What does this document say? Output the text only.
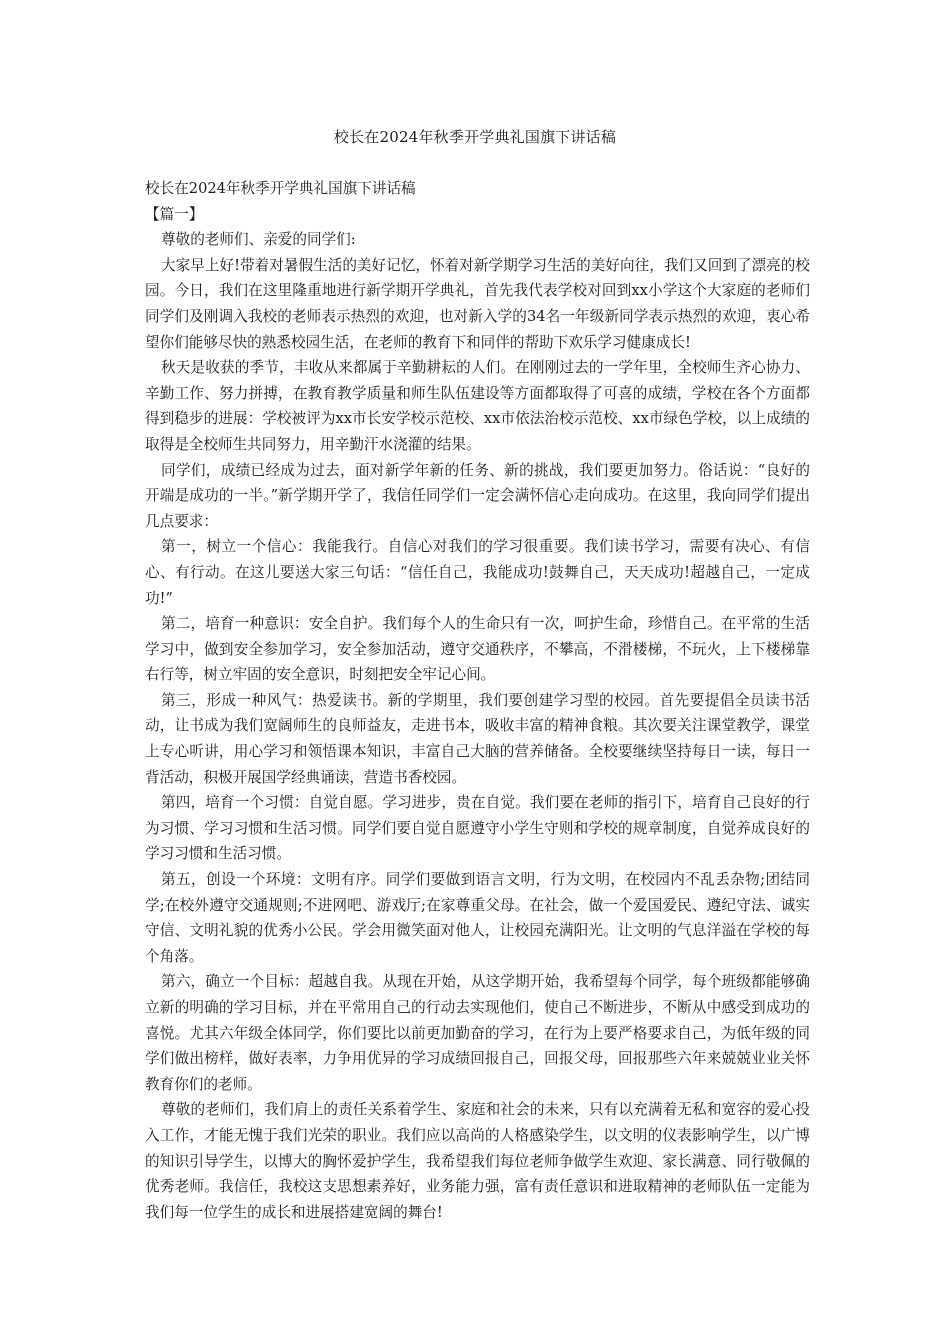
校长在2024年秋季开学典礼国旗下讲话稿

校长在2024年秋季开学典礼国旗下讲话稿

【篇一】

尊敬的老师们、亲爱的同学们:

大家早上好!带着对暑假生活的美好记忆，怀着对新学期学习生活的美好向往，我们又回到了漂亮的校园。今日，我们在这里隆重地进行新学期开学典礼，首先我代表学校对回到xx小学这个大家庭的老师们同学们及刚调入我校的老师表示热烈的欢迎，也对新入学的34名一年级新同学表示热烈的欢迎，衷心希望你们能够尽快的熟悉校园生活，在老师的教育下和同伴的帮助下欢乐学习健康成长!

秋天是收获的季节，丰收从来都属于辛勤耕耘的人们。在刚刚过去的一学年里，全校师生齐心协力、辛勤工作、努力拼搏，在教育教学质量和师生队伍建设等方面都取得了可喜的成绩，学校在各个方面都得到稳步的进展：学校被评为xx市长安学校示范校、xx市依法治校示范校、xx市绿色学校，以上成绩的取得是全校师生共同努力，用辛勤汗水浇灌的结果。

同学们，成绩已经成为过去，面对新学年新的任务、新的挑战，我们要更加努力。俗话说：“良好的开端是成功的一半。”新学期开学了，我信任同学们一定会满怀信心走向成功。在这里，我向同学们提出几点要求：

第一，树立一个信心：我能我行。自信心对我们的学习很重要。我们读书学习，需要有决心、有信心、有行动。在这儿要送大家三句话：“信任自己，我能成功!鼓舞自己，天天成功!超越自己，一定成功!”

第二，培育一种意识：安全自护。我们每个人的生命只有一次，呵护生命，珍惜自己。在平常的生活学习中，做到安全参加学习，安全参加活动，遵守交通秩序，不攀高，不滑楼梯，不玩火，上下楼梯靠右行等，树立牢固的安全意识，时刻把安全牢记心间。

第三，形成一种风气：热爱读书。新的学期里，我们要创建学习型的校园。首先要提倡全员读书活动，让书成为我们宽阔师生的良师益友，走进书本，吸收丰富的精神食粮。其次要关注课堂教学，课堂上专心听讲，用心学习和领悟课本知识，丰富自己大脑的营养储备。全校要继续坚持每日一读，每日一背活动，积极开展国学经典诵读，营造书香校园。

第四，培育一个习惯：自觉自愿。学习进步，贵在自觉。我们要在老师的指引下，培育自己良好的行为习惯、学习习惯和生活习惯。同学们要自觉自愿遵守小学生守则和学校的规章制度，自觉养成良好的学习习惯和生活习惯。

第五，创设一个环境：文明有序。同学们要做到语言文明，行为文明，在校园内不乱丢杂物;团结同学;在校外遵守交通规则;不进网吧、游戏厅;在家尊重父母。在社会，做一个爱国爱民、遵纪守法、诚实守信、文明礼貌的优秀小公民。学会用微笑面对他人，让校园充满阳光。让文明的气息洋溢在学校的每个角落。

第六，确立一个目标：超越自我。从现在开始，从这学期开始，我希望每个同学，每个班级都能够确立新的明确的学习目标，并在平常用自己的行动去实现他们，使自己不断进步，不断从中感受到成功的喜悦。尤其六年级全体同学，你们要比以前更加勤奋的学习，在行为上要严格要求自己，为低年级的同学们做出榜样，做好表率，力争用优异的学习成绩回报自己，回报父母，回报那些六年来兢兢业业关怀教育你们的老师。

尊敬的老师们，我们肩上的责任关系着学生、家庭和社会的未来，只有以充满着无私和宽容的爱心投入工作，才能无愧于我们光荣的职业。我们应以高尚的人格感染学生，以文明的仪表影响学生，以广博的知识引导学生，以博大的胸怀爱护学生，我希望我们每位老师争做学生欢迎、家长满意、同行敬佩的优秀老师。我信任，我校这支思想素养好，业务能力强，富有责任意识和进取精神的老师队伍一定能为我们每一位学生的成长和进展搭建宽阔的舞台!
